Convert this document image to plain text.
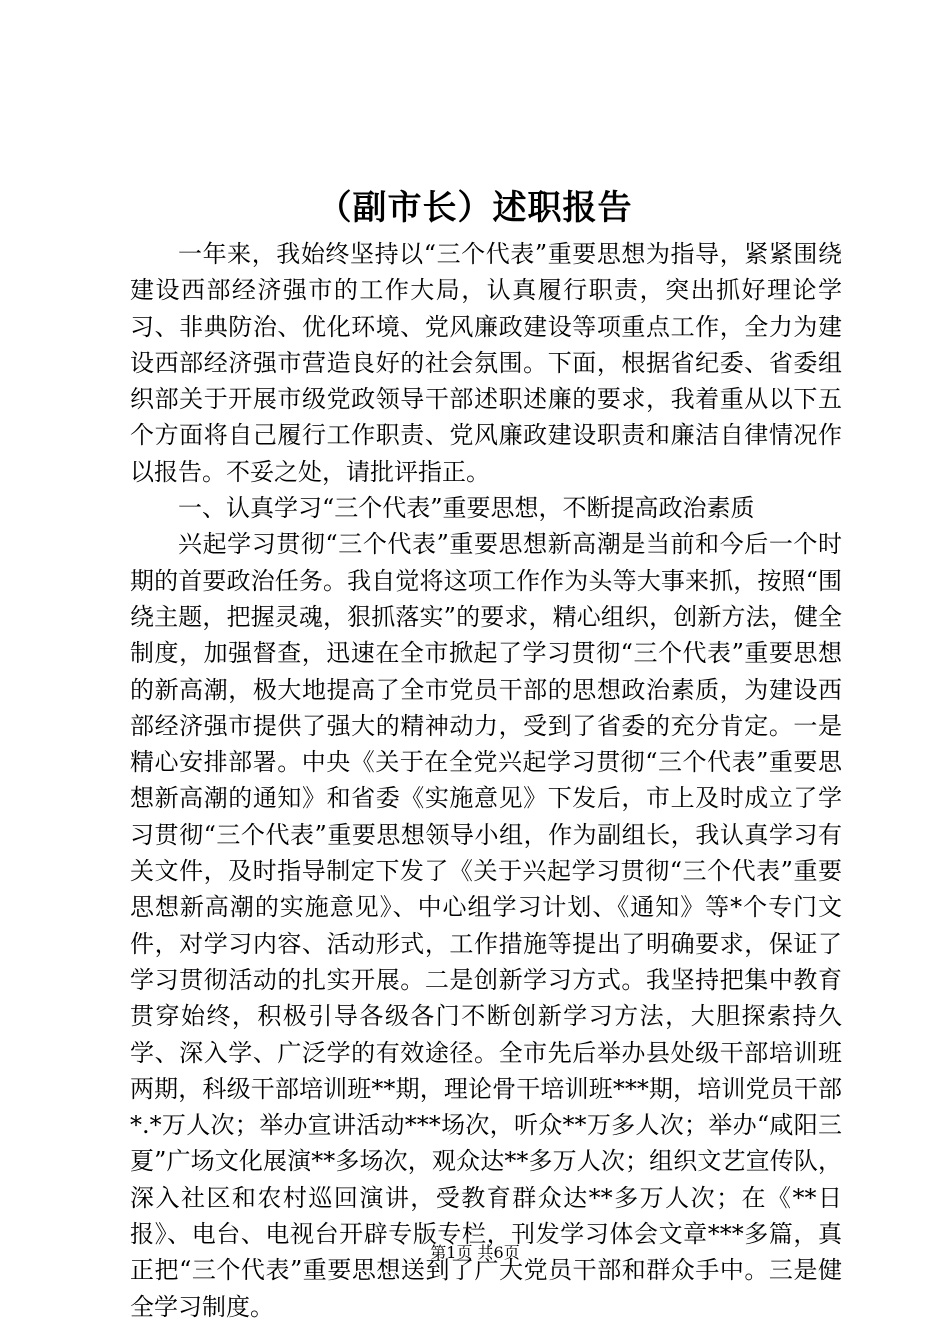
（副市长）述职报告

一年来，我始终坚持以“三个代表”重要思想为指导，紧紧围绕建设西部经济强市的工作大局，认真履行职责，突出抓好理论学习、非典防治、优化环境、党风廉政建设等项重点工作，全力为建设西部经济强市营造良好的社会氛围。下面，根据省纪委、省委组织部关于开展市级党政领导干部述职述廉的要求，我着重从以下五个方面将自己履行工作职责、党风廉政建设职责和廉洁自律情况作以报告。不妥之处，请批评指正。

一、认真学习“三个代表”重要思想，不断提高政治素质

兴起学习贯彻“三个代表”重要思想新高潮是当前和今后一个时期的首要政治任务。我自觉将这项工作作为头等大事来抓，按照“围绕主题，把握灵魂，狠抓落实”的要求，精心组织，创新方法，健全制度，加强督查，迅速在全市掀起了学习贯彻“三个代表”重要思想的新高潮，极大地提高了全市党员干部的思想政治素质，为建设西部经济强市提供了强大的精神动力，受到了省委的充分肯定。一是精心安排部署。中央《关于在全党兴起学习贯彻“三个代表”重要思想新高潮的通知》和省委《实施意见》下发后，市上及时成立了学习贯彻“三个代表”重要思想领导小组，作为副组长，我认真学习有关文件，及时指导制定下发了《关于兴起学习贯彻“三个代表”重要思想新高潮的实施意见》、中心组学习计划、《通知》等*个专门文件，对学习内容、活动形式，工作措施等提出了明确要求，保证了学习贯彻活动的扎实开展。二是创新学习方式。我坚持把集中教育贯穿始终，积极引导各级各门不断创新学习方法，大胆探索持久学、深入学、广泛学的有效途径。全市先后举办县处级干部培训班两期，科级干部培训班**期，理论骨干培训班***期，培训党员干部*.*万人次；举办宣讲活动***场次，听众**万多人次；举办“咸阳三夏”广场文化展演**多场次，观众达**多万人次；组织文艺宣传队，深入社区和农村巡回演讲，受教育群众达**多万人次；在《**日报》、电台、电视台开辟专版专栏，刊发学习体会文章***多篇，真正把“三个代表”重要思想送到了广大党员干部和群众手中。三是健全学习制度。

第1页 共6页
